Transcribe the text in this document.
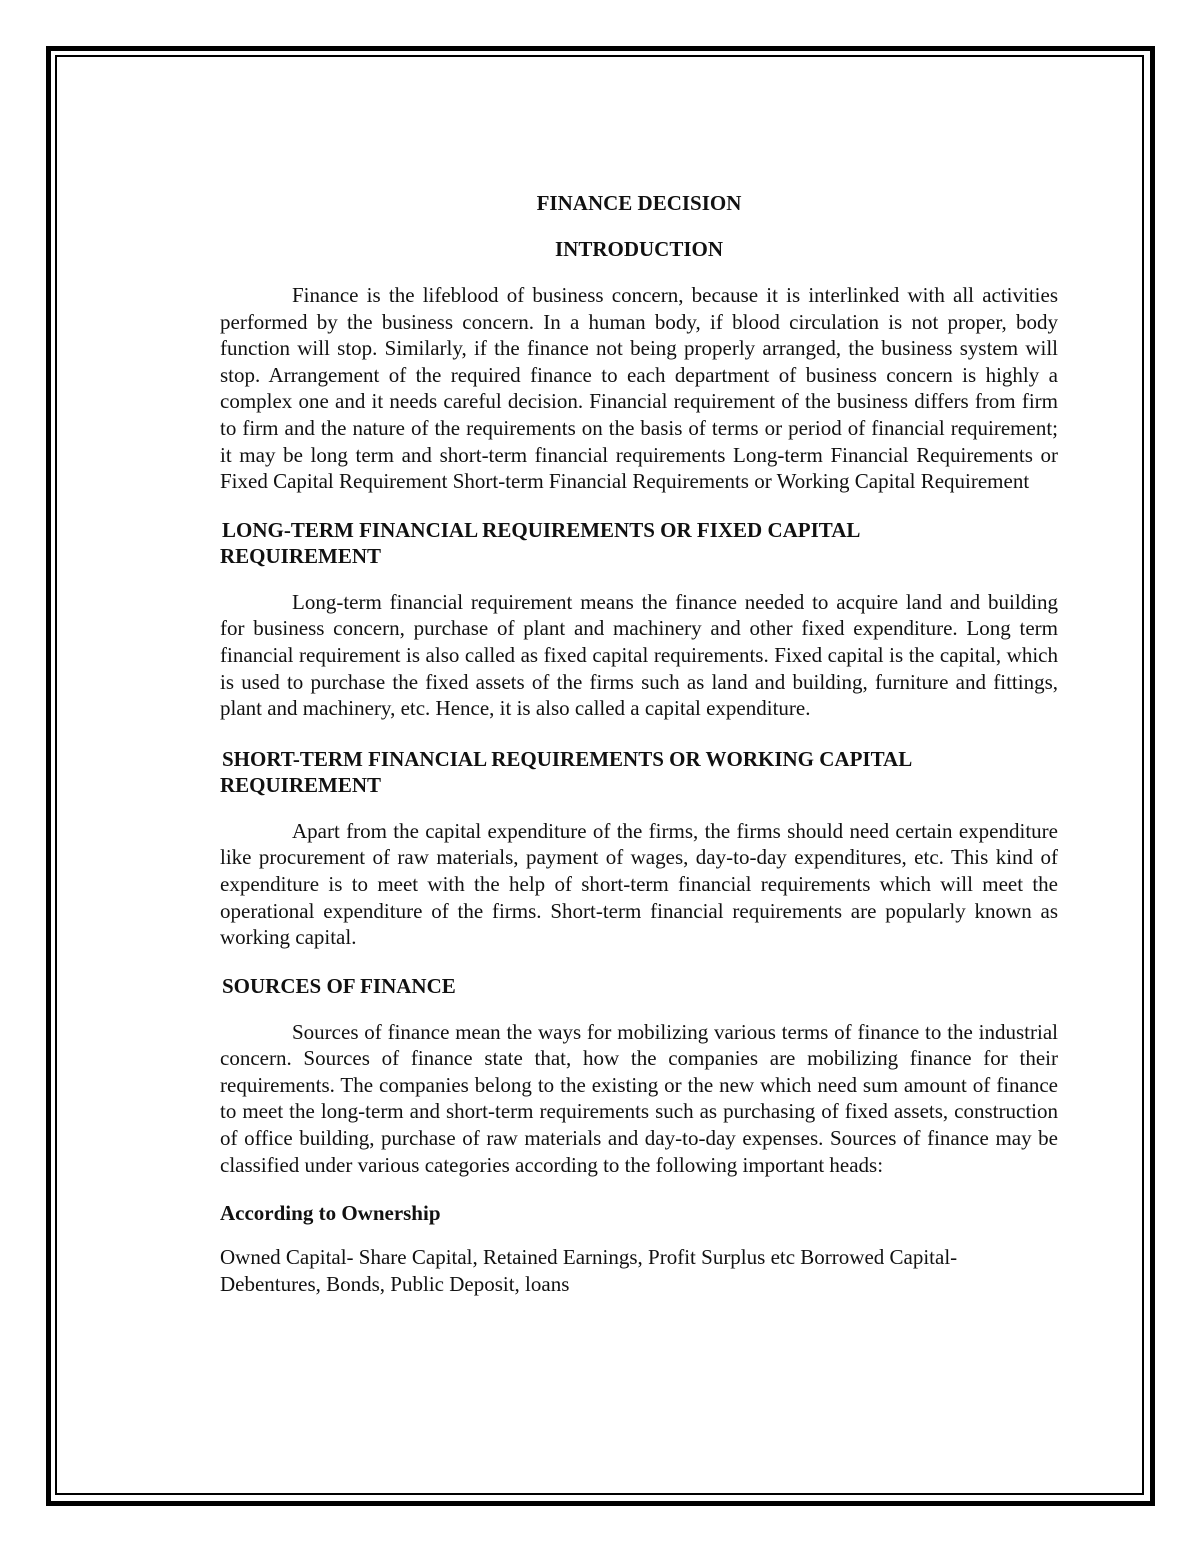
FINANCE DECISION
INTRODUCTION

Finance is the lifeblood of business concern, because it is interlinked with all activities performed by the business concern. In a human body, if blood circulation is not proper, body function will stop. Similarly, if the finance not being properly arranged, the business system will stop. Arrangement of the required finance to each department of business concern is highly a complex one and it needs careful decision. Financial requirement of the business differs from firm to firm and the nature of the requirements on the basis of terms or period of financial requirement; it may be long term and short-term financial requirements Long-term Financial Requirements or Fixed Capital Requirement Short-term Financial Requirements or Working Capital Requirement

LONG-TERM FINANCIAL REQUIREMENTS OR FIXED CAPITAL
REQUIREMENT

Long-term financial requirement means the finance needed to acquire land and building for business concern, purchase of plant and machinery and other fixed expenditure. Long term financial requirement is also called as fixed capital requirements. Fixed capital is the capital, which is used to purchase the fixed assets of the firms such as land and building, furniture and fittings, plant and machinery, etc. Hence, it is also called a capital expenditure.

SHORT-TERM FINANCIAL REQUIREMENTS OR WORKING CAPITAL
REQUIREMENT

Apart from the capital expenditure of the firms, the firms should need certain expenditure like procurement of raw materials, payment of wages, day-to-day expenditures, etc. This kind of expenditure is to meet with the help of short-term financial requirements which will meet the operational expenditure of the firms. Short-term financial requirements are popularly known as working capital.

SOURCES OF FINANCE

Sources of finance mean the ways for mobilizing various terms of finance to the industrial concern. Sources of finance state that, how the companies are mobilizing finance for their requirements. The companies belong to the existing or the new which need sum amount of finance to meet the long-term and short-term requirements such as purchasing of fixed assets, construction of office building, purchase of raw materials and day-to-day expenses. Sources of finance may be classified under various categories according to the following important heads:

According to Ownership

Owned Capital- Share Capital, Retained Earnings, Profit Surplus etc Borrowed Capital-
Debentures, Bonds, Public Deposit, loans
